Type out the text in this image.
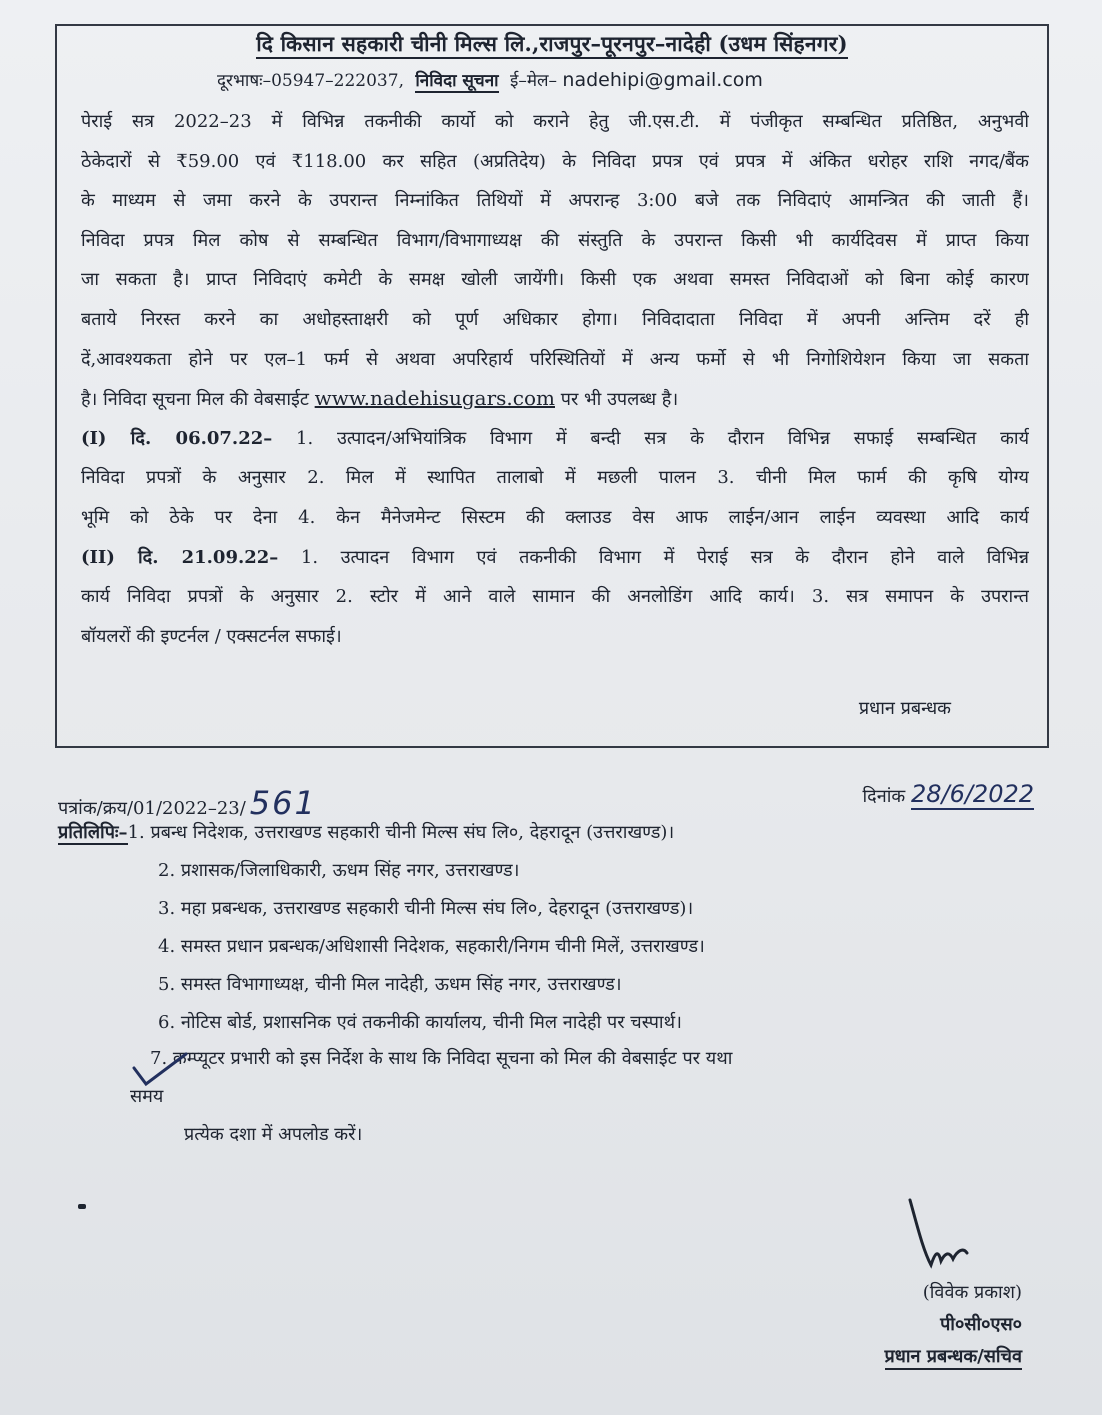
दि किसान सहकारी चीनी मिल्स लि.,राजपुर–पूरनपुर–नादेही (उधम सिंहनगर)
दूरभाषः–05947–222037, निविदा सूचना ई–मेल– nadehipi@gmail.com
पेराई सत्र 2022–23 में विभिन्न तकनीकी कार्यो को कराने हेतु जी.एस.टी. में पंजीकृत सम्बन्धित प्रतिष्ठित, अनुभवी
ठेकेदारों से ₹59.00 एवं ₹118.00 कर सहित (अप्रतिदेय) के निविदा प्रपत्र एवं प्रपत्र में अंकित धरोहर राशि नगद/बैंक
के माध्यम से जमा करने के उपरान्त निम्नांकित तिथियों में अपरान्ह 3:00 बजे तक निविदाएं आमन्त्रित की जाती हैं।
निविदा प्रपत्र मिल कोष से सम्बन्धित विभाग/विभागाध्यक्ष की संस्तुति के उपरान्त किसी भी कार्यदिवस में प्राप्त किया
जा सकता है। प्राप्त निविदाएं कमेटी के समक्ष खोली जायेंगी। किसी एक अथवा समस्त निविदाओं को बिना कोई कारण
बताये निरस्त करने का अधोहस्ताक्षरी को पूर्ण अधिकार होगा। निविदादाता निविदा में अपनी अन्तिम दरें ही
दें,आवश्यकता होने पर एल–1 फर्म से अथवा अपरिहार्य परिस्थितियों में अन्य फर्मो से भी निगोशियेशन किया जा सकता
है। निविदा सूचना मिल की वेबसाईट www.nadehisugars.com पर भी उपलब्ध है।
(I) दि. 06.07.22– 1. उत्पादन/अभियांत्रिक विभाग में बन्दी सत्र के दौरान विभिन्न सफाई सम्बन्धित कार्य
निविदा प्रपत्रों के अनुसार 2. मिल में स्थापित तालाबो में मछली पालन 3. चीनी मिल फार्म की कृषि योग्य
भूमि को ठेके पर देना 4. केन मैनेजमेन्ट सिस्टम की क्लाउड वेस आफ लाईन/आन लाईन व्यवस्था आदि कार्य
(II) दि. 21.09.22– 1. उत्पादन विभाग एवं तकनीकी विभाग में पेराई सत्र के दौरान होने वाले विभिन्न
कार्य निविदा प्रपत्रों के अनुसार 2. स्टोर में आने वाले सामान की अनलोडिंग आदि कार्य। 3. सत्र समापन के उपरान्त
बॉयलरों की इण्टर्नल / एक्सटर्नल सफाई।
प्रधान प्रबन्धक
पत्रांक/क्रय/01/2022–23/ 561	दिनांक 28/6/2022
प्रतिलिपिः–1. प्रबन्ध निदेशक, उत्तराखण्ड सहकारी चीनी मिल्स संघ लि०, देहरादून (उत्तराखण्ड)।
2. प्रशासक/जिलाधिकारी, ऊधम सिंह नगर, उत्तराखण्ड।
3. महा प्रबन्धक, उत्तराखण्ड सहकारी चीनी मिल्स संघ लि०, देहरादून (उत्तराखण्ड)।
4. समस्त प्रधान प्रबन्धक/अधिशासी निदेशक, सहकारी/निगम चीनी मिलें, उत्तराखण्ड।
5. समस्त विभागाध्यक्ष, चीनी मिल नादेही, ऊधम सिंह नगर, उत्तराखण्ड।
6. नोटिस बोर्ड, प्रशासनिक एवं तकनीकी कार्यालय, चीनी मिल नादेही पर चस्पार्थ।
7. कम्प्यूटर प्रभारी को इस निर्देश के साथ कि निविदा सूचना को मिल की वेबसाईट पर यथा
समय
प्रत्येक दशा में अपलोड करें।
(विवेक प्रकाश)
पी०सी०एस०
प्रधान प्रबन्धक/सचिव
